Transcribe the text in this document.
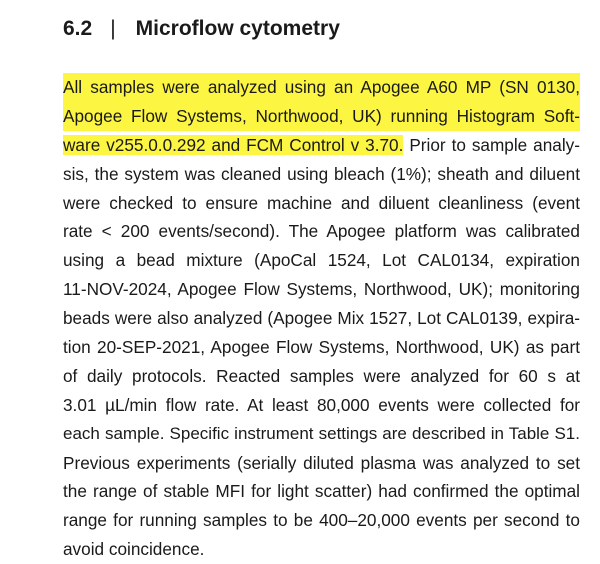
6.2 | Microflow cytometry
All samples were analyzed using an Apogee A60 MP (SN 0130,
Apogee Flow Systems, Northwood, UK) running Histogram Soft-
ware v255.0.0.292 and FCM Control v 3.70. Prior to sample analy-
sis, the system was cleaned using bleach (1%); sheath and diluent
were checked to ensure machine and diluent cleanliness (event
rate < 200 events/second). The Apogee platform was calibrated
using a bead mixture (ApoCal 1524, Lot CAL0134, expiration
11-NOV-2024, Apogee Flow Systems, Northwood, UK); monitoring
beads were also analyzed (Apogee Mix 1527, Lot CAL0139, expira-
tion 20-SEP-2021, Apogee Flow Systems, Northwood, UK) as part
of daily protocols. Reacted samples were analyzed for 60 s at
3.01 µL/min flow rate. At least 80,000 events were collected for
each sample. Specific instrument settings are described in Table S1.
Previous experiments (serially diluted plasma was analyzed to set
the range of stable MFI for light scatter) had confirmed the optimal
range for running samples to be 400–20,000 events per second to
avoid coincidence.
